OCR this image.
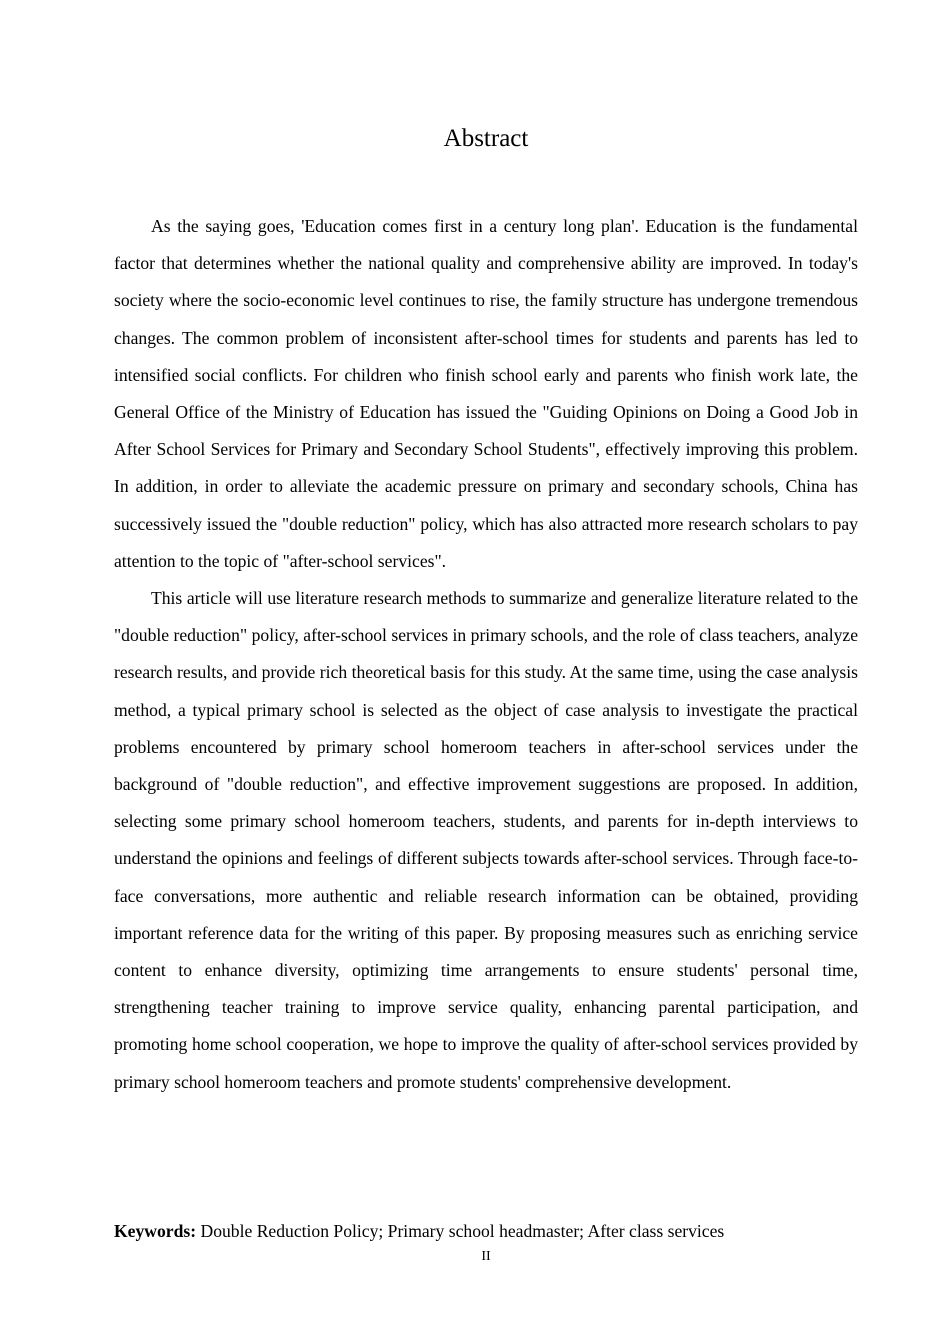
Abstract

As the saying goes, 'Education comes first in a century long plan'. Education is the fundamental factor that determines whether the national quality and comprehensive ability are improved. In today's society where the socio-economic level continues to rise, the family structure has undergone tremendous changes. The common problem of inconsistent after-school times for students and parents has led to intensified social conflicts. For children who finish school early and parents who finish work late, the General Office of the Ministry of Education has issued the "Guiding Opinions on Doing a Good Job in After School Services for Primary and Secondary School Students", effectively improving this problem. In addition, in order to alleviate the academic pressure on primary and secondary schools, China has successively issued the "double reduction" policy, which has also attracted more research scholars to pay attention to the topic of "after-school services".

This article will use literature research methods to summarize and generalize literature related to the "double reduction" policy, after-school services in primary schools, and the role of class teachers, analyze research results, and provide rich theoretical basis for this study. At the same time, using the case analysis method, a typical primary school is selected as the object of case analysis to investigate the practical problems encountered by primary school homeroom teachers in after-school services under the background of "double reduction", and effective improvement suggestions are proposed. In addition, selecting some primary school homeroom teachers, students, and parents for in-depth interviews to understand the opinions and feelings of different subjects towards after-school services. Through face-to-face conversations, more authentic and reliable research information can be obtained, providing important reference data for the writing of this paper. By proposing measures such as enriching service content to enhance diversity, optimizing time arrangements to ensure students' personal time, strengthening teacher training to improve service quality, enhancing parental participation, and promoting home school cooperation, we hope to improve the quality of after-school services provided by primary school homeroom teachers and promote students' comprehensive development.

Keywords: Double Reduction Policy; Primary school headmaster; After class services
II
